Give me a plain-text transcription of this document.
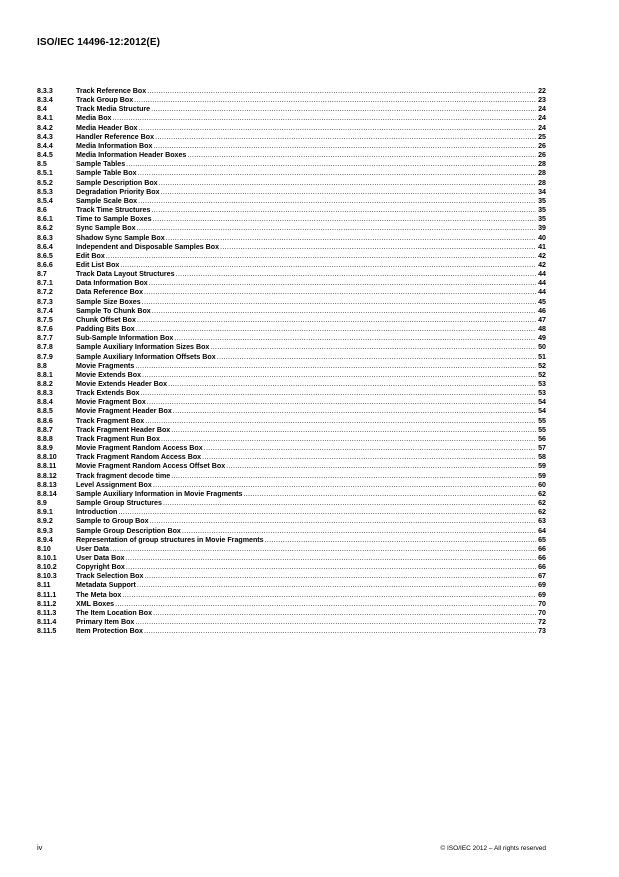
ISO/IEC 14496-12:2012(E)
8.3.3	Track Reference Box .....	22
8.3.4	Track Group Box .....	23
8.4	Track Media Structure .....	24
8.4.1	Media Box .....	24
8.4.2	Media Header Box .....	24
8.4.3	Handler Reference Box .....	25
8.4.4	Media Information Box .....	26
8.4.5	Media Information Header Boxes .....	26
8.5	Sample Tables .....	28
8.5.1	Sample Table Box .....	28
8.5.2	Sample Description Box .....	28
8.5.3	Degradation Priority Box .....	34
8.5.4	Sample Scale Box .....	35
8.6	Track Time Structures .....	35
8.6.1	Time to Sample Boxes .....	35
8.6.2	Sync Sample Box .....	39
8.6.3	Shadow Sync Sample Box .....	40
8.6.4	Independent and Disposable Samples Box .....	41
8.6.5	Edit Box .....	42
8.6.6	Edit List Box .....	42
8.7	Track Data Layout Structures .....	44
8.7.1	Data Information Box .....	44
8.7.2	Data Reference Box .....	44
8.7.3	Sample Size Boxes .....	45
8.7.4	Sample To Chunk Box .....	46
8.7.5	Chunk Offset Box .....	47
8.7.6	Padding Bits Box .....	48
8.7.7	Sub-Sample Information Box .....	49
8.7.8	Sample Auxiliary Information Sizes Box .....	50
8.7.9	Sample Auxiliary Information Offsets Box .....	51
8.8	Movie Fragments .....	52
8.8.1	Movie Extends Box .....	52
8.8.2	Movie Extends Header Box .....	53
8.8.3	Track Extends Box .....	53
8.8.4	Movie Fragment Box .....	54
8.8.5	Movie Fragment Header Box .....	54
8.8.6	Track Fragment Box .....	55
8.8.7	Track Fragment Header Box .....	55
8.8.8	Track Fragment Run Box .....	56
8.8.9	Movie Fragment Random Access Box .....	57
8.8.10	Track Fragment Random Access Box .....	58
8.8.11	Movie Fragment Random Access Offset Box .....	59
8.8.12	Track fragment decode time .....	59
8.8.13	Level Assignment Box .....	60
8.8.14	Sample Auxiliary Information in Movie Fragments .....	62
8.9	Sample Group Structures .....	62
8.9.1	Introduction .....	62
8.9.2	Sample to Group Box .....	63
8.9.3	Sample Group Description Box .....	64
8.9.4	Representation of group structures in Movie Fragments .....	65
8.10	User Data .....	66
8.10.1	User Data Box .....	66
8.10.2	Copyright Box .....	66
8.10.3	Track Selection Box .....	67
8.11	Metadata Support .....	69
8.11.1	The Meta box .....	69
8.11.2	XML Boxes .....	70
8.11.3	The Item Location Box .....	70
8.11.4	Primary Item Box .....	72
8.11.5	Item Protection Box .....	73
iv	© ISO/IEC 2012 – All rights reserved
